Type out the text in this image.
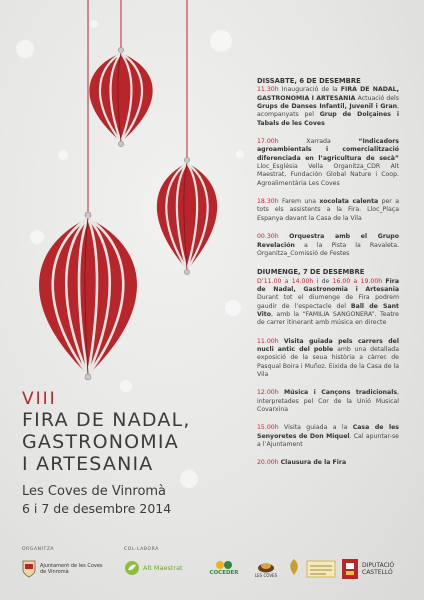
VIII
FIRA DE NADAL,
GASTRONOMIA
I ARTESANIA
Les Coves de Vinromà
6 i 7 de desembre 2014
DISSABTE, 6 DE DESEMBRE
11.30h Inauguració de la FIRA DE NADAL, GASTRONOMIA I ARTESANIA Actuació dels Grups de Danses Infantil, Juvenil i Gran, acompanyats pel Grup de Dolçaines i Tabals de les Coves
17.00h Xarrada “Indicadors agroambientals i comercialització diferenciada en l’agricultura de secà” Lloc_Església Vella Organitza_CDR Alt Maestrat, Fundación Global Nature i Coop. Agroalimentària Les Coves
18.30h Farem una xocolata calenta per a tots els assistents a la Fira. Lloc_Plaça Espanya davant la Casa de la Vila
00.30h Orquestra amb el Grupo Revelación a la Pista la Ravaleta. Organitza_Comissió de Festes
DIUMENGE, 7 DE DESEMBRE
D’11.00 a 14.00h i de 16.00 a 19.00h Fira de Nadal, Gastronomia i Artesania Durant tot el diumenge de Fira podrem gaudir de l’espectacle del Ball de Sant Vito, amb la “FAMILIA SANGONERA”. Teatre de carrer itinerant amb música en directe
11.00h Visita guiada pels carrers del nucli antic del poble amb una detallada exposició de la seua història a càrrec de Pasqual Boira i Muñoz. Eixida de la Casa de la Vila
12.00h Música i Cançons tradicionals, interpretades pel Cor de la Unió Musical Covarxina
15.00h Visita guiada a la Casa de les Senyoretes de Don Miquel. Cal apuntar-se a l’Ajuntament
20.00h Clausura de la Fira
ORGANITZA	COL·LABORA
Ajuntament de les Coves de Vinromà	Alt Maestrat
COCEDER	LES COVES
DIPUTACIÓ CASTELLÓ
